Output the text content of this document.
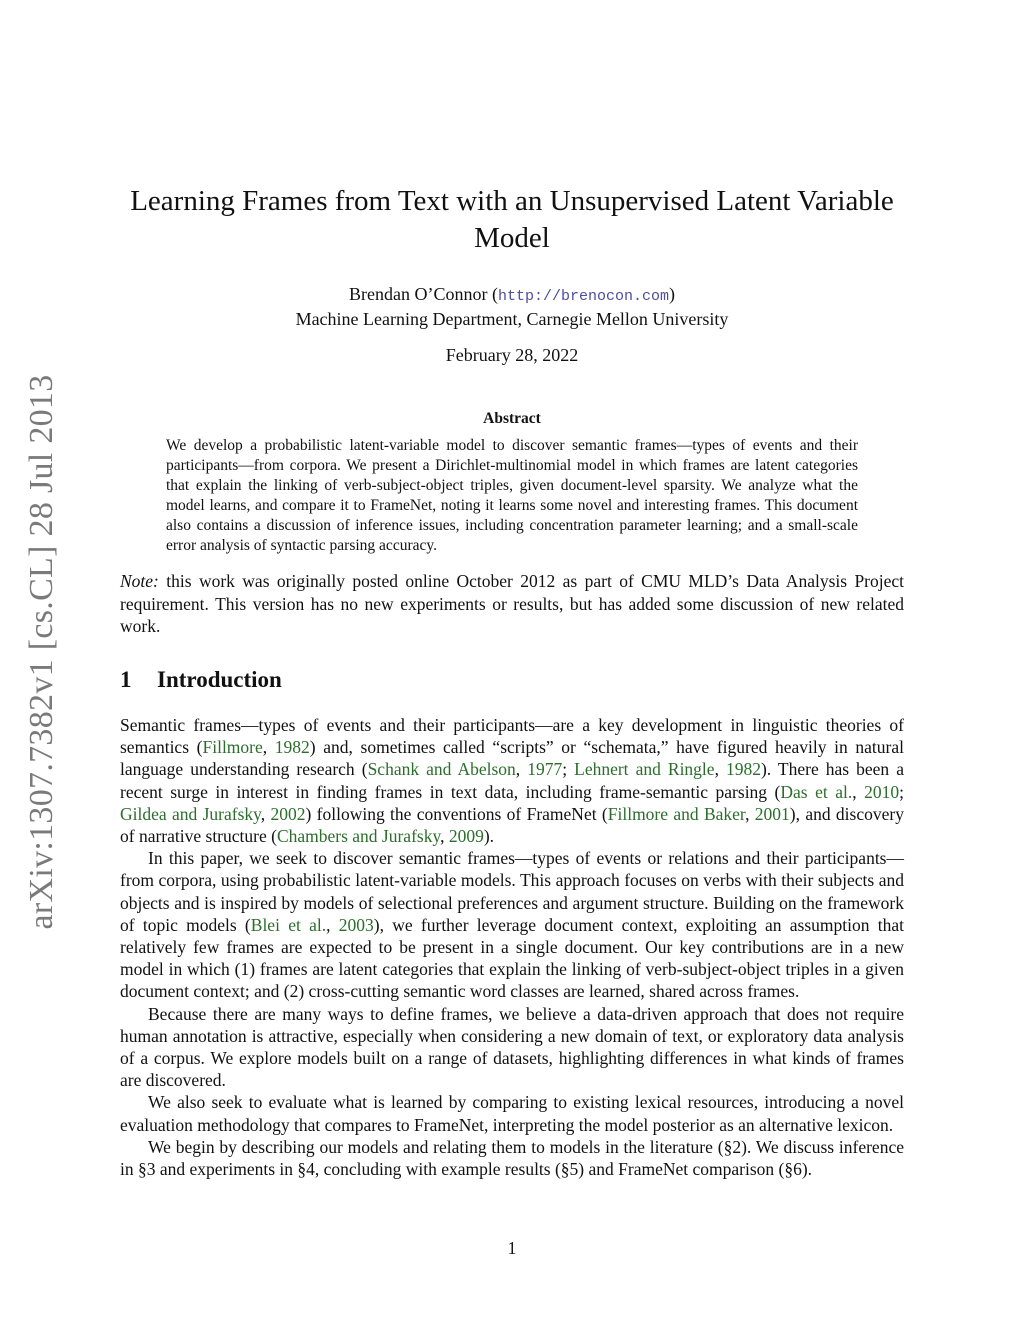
arXiv:1307.7382v1 [cs.CL] 28 Jul 2013
Learning Frames from Text with an Unsupervised Latent Variable Model
Brendan O’Connor (http://brenocon.com)
Machine Learning Department, Carnegie Mellon University
February 28, 2022
Abstract

We develop a probabilistic latent-variable model to discover semantic frames—types of events and their participants—from corpora. We present a Dirichlet-multinomial model in which frames are latent categories that explain the linking of verb-subject-object triples, given document-level sparsity. We analyze what the model learns, and compare it to FrameNet, noting it learns some novel and interesting frames. This document also contains a discussion of inference issues, including concentration parameter learning; and a small-scale error analysis of syntactic parsing accuracy.

Note: this work was originally posted online October 2012 as part of CMU MLD’s Data Analysis Project requirement. This version has no new experiments or results, but has added some discussion of new related work.

1 Introduction

Semantic frames—types of events and their participants—are a key development in linguistic theories of semantics (Fillmore, 1982) and, sometimes called “scripts” or “schemata,” have figured heavily in natural language understanding research (Schank and Abelson, 1977; Lehnert and Ringle, 1982). There has been a recent surge in interest in finding frames in text data, including frame-semantic parsing (Das et al., 2010; Gildea and Jurafsky, 2002) following the conventions of FrameNet (Fillmore and Baker, 2001), and discovery of narrative structure (Chambers and Jurafsky, 2009).

In this paper, we seek to discover semantic frames—types of events or relations and their participants—from corpora, using probabilistic latent-variable models. This approach focuses on verbs with their subjects and objects and is inspired by models of selectional preferences and argument structure. Building on the framework of topic models (Blei et al., 2003), we further leverage document context, exploiting an assumption that relatively few frames are expected to be present in a single document. Our key contributions are in a new model in which (1) frames are latent categories that explain the linking of verb-subject-object triples in a given document context; and (2) cross-cutting semantic word classes are learned, shared across frames.

Because there are many ways to define frames, we believe a data-driven approach that does not require human annotation is attractive, especially when considering a new domain of text, or exploratory data analysis of a corpus. We explore models built on a range of datasets, highlighting differences in what kinds of frames are discovered.

We also seek to evaluate what is learned by comparing to existing lexical resources, introducing a novel evaluation methodology that compares to FrameNet, interpreting the model posterior as an alternative lexicon.

We begin by describing our models and relating them to models in the literature (§2). We discuss inference in §3 and experiments in §4, concluding with example results (§5) and FrameNet comparison (§6).

1
